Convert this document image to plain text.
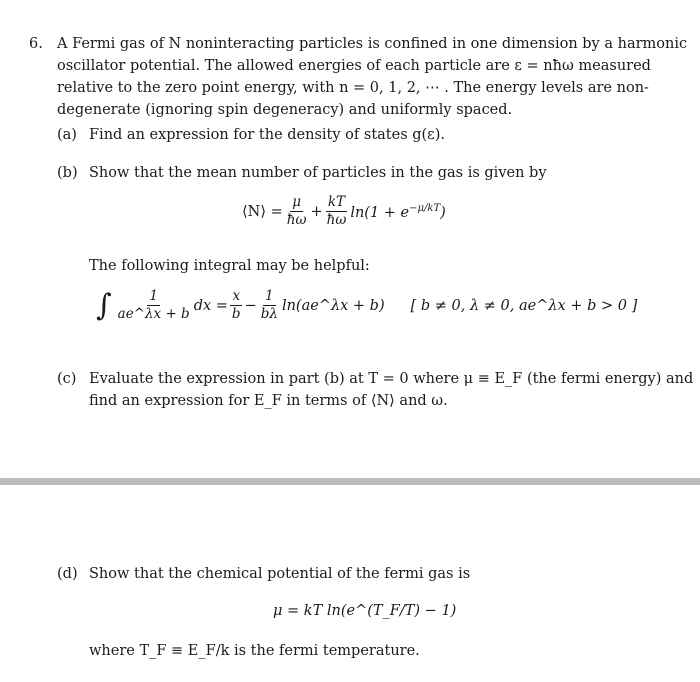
6. A Fermi gas of N noninteracting particles is confined in one dimension by a harmonic
oscillator potential. The allowed energies of each particle are ε = nħω measured
relative to the zero point energy, with n = 0, 1, 2, ⋯ . The energy levels are non-
degenerate (ignoring spin degeneracy) and uniformly spaced.
(a) Find an expression for the density of states g(ε).
(b) Show that the mean number of particles in the gas is given by
⟨N⟩ = $\frac{\mu}{ħ\omega} + \frac{kT}{ħ\omega} \ln(1 + e^{-\mu/kT})$
The following integral may be helpful:
∫ $\frac{1}{ae\^{}\lambda x + b}$ dx = $\frac{x}{b} - \frac{1}{b\lambda}$ ln(ae^λx + b) [ b ≠ 0, λ ≠ 0, ae^λx + b > 0 ]
(c) Evaluate the expression in part (b) at T = 0 where μ ≡ E_F (the fermi energy) and
find an expression for E_F in terms of ⟨N⟩ and ω.
(d) Show that the chemical potential of the fermi gas is
μ = kT ln(e^(T_F/T) − 1)
where T_F ≡ E_F/k is the fermi temperature.
